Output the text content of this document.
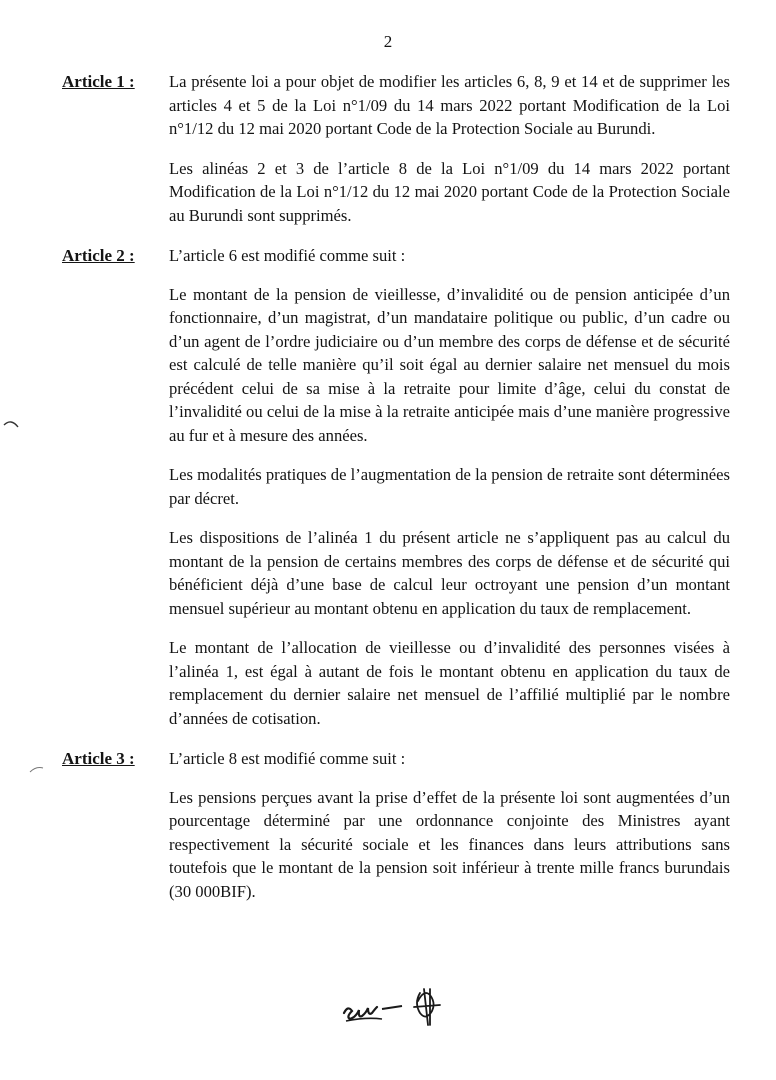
2
Article 1 : La présente loi a pour objet de modifier les articles 6, 8, 9 et 14 et de supprimer les articles 4 et 5 de la Loi n°1/09 du 14 mars 2022 portant Modification de la Loi n°1/12 du 12 mai 2020 portant Code de la Protection Sociale au Burundi.

Les alinéas 2 et 3 de l’article 8 de la Loi n°1/09 du 14 mars 2022 portant Modification de la Loi n°1/12 du 12 mai 2020 portant Code de la Protection Sociale au Burundi sont supprimés.

Article 2 : L’article 6 est modifié comme suit :

Le montant de la pension de vieillesse, d’invalidité ou de pension anticipée d’un fonctionnaire, d’un magistrat, d’un mandataire politique ou public, d’un cadre ou d’un agent de l’ordre judiciaire ou d’un membre des corps de défense et de sécurité est calculé de telle manière qu’il soit égal au dernier salaire net mensuel du mois précédent celui de sa mise à la retraite pour limite d’âge, celui du constat de l’invalidité ou celui de la mise à la retraite anticipée mais d’une manière progressive au fur et à mesure des années.

Les modalités pratiques de l’augmentation de la pension de retraite sont déterminées par décret.

Les dispositions de l’alinéa 1 du présent article ne s’appliquent pas au calcul du montant de la pension de certains membres des corps de défense et de sécurité qui bénéficient déjà d’une base de calcul leur octroyant une pension d’un montant mensuel supérieur au montant obtenu en application du taux de remplacement.

Le montant de l’allocation de vieillesse ou d’invalidité des personnes visées à l’alinéa 1, est égal à autant de fois le montant obtenu en application du taux de remplacement du dernier salaire net mensuel de l’affilié multiplié par le nombre d’années de cotisation.

Article 3 : L’article 8 est modifié comme suit :

Les pensions perçues avant la prise d’effet de la présente loi sont augmentées d’un pourcentage déterminé par une ordonnance conjointe des Ministres ayant respectivement la sécurité sociale et les finances dans leurs attributions sans toutefois que le montant de la pension soit inférieur à trente mille francs burundais (30 000BIF).
